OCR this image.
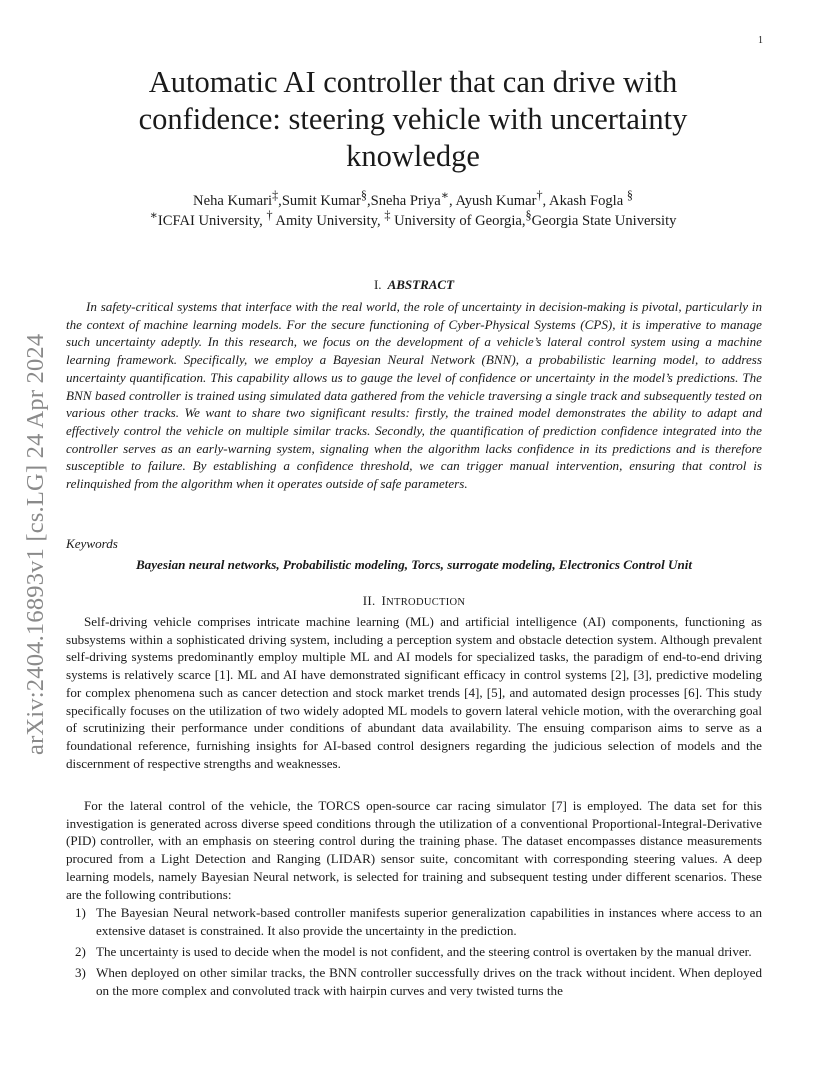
1
arXiv:2404.16893v1 [cs.LG] 24 Apr 2024
Automatic AI controller that can drive with confidence: steering vehicle with uncertainty knowledge
Neha Kumari‡,Sumit Kumar§,Sneha Priya∗, Ayush Kumar†, Akash Fogla §
∗ICFAI University, † Amity University, ‡ University of Georgia,§Georgia State University
I. ABSTRACT

In safety-critical systems that interface with the real world, the role of uncertainty in decision-making is pivotal, particularly in the context of machine learning models. For the secure functioning of Cyber-Physical Systems (CPS), it is imperative to manage such uncertainty adeptly. In this research, we focus on the development of a vehicle’s lateral control system using a machine learning framework. Specifically, we employ a Bayesian Neural Network (BNN), a probabilistic learning model, to address uncertainty quantification. This capability allows us to gauge the level of confidence or uncertainty in the model’s predictions. The BNN based controller is trained using simulated data gathered from the vehicle traversing a single track and subsequently tested on various other tracks. We want to share two significant results: firstly, the trained model demonstrates the ability to adapt and effectively control the vehicle on multiple similar tracks. Secondly, the quantification of prediction confidence integrated into the controller serves as an early-warning system, signaling when the algorithm lacks confidence in its predictions and is therefore susceptible to failure. By establishing a confidence threshold, we can trigger manual intervention, ensuring that control is relinquished from the algorithm when it operates outside of safe parameters.

Keywords
Bayesian neural networks, Probabilistic modeling, Torcs, surrogate modeling, Electronics Control Unit
II. INTRODUCTION

Self-driving vehicle comprises intricate machine learning (ML) and artificial intelligence (AI) components, functioning as subsystems within a sophisticated driving system, including a perception system and obstacle detection system. Although prevalent self-driving systems predominantly employ multiple ML and AI models for specialized tasks, the paradigm of end-to-end driving systems is relatively scarce [1]. ML and AI have demonstrated significant efficacy in control systems [2], [3], predictive modeling for complex phenomena such as cancer detection and stock market trends [4], [5], and automated design processes [6]. This study specifically focuses on the utilization of two widely adopted ML models to govern lateral vehicle motion, with the overarching goal of scrutinizing their performance under conditions of abundant data availability. The ensuing comparison aims to serve as a foundational reference, furnishing insights for AI-based control designers regarding the judicious selection of models and the discernment of respective strengths and weaknesses.

For the lateral control of the vehicle, the TORCS open-source car racing simulator [7] is employed. The data set for this investigation is generated across diverse speed conditions through the utilization of a conventional Proportional-Integral-Derivative (PID) controller, with an emphasis on steering control during the training phase. The dataset encompasses distance measurements procured from a Light Detection and Ranging (LIDAR) sensor suite, concomitant with corresponding steering values. A deep learning models, namely Bayesian Neural network, is selected for training and subsequent testing under different scenarios. These are the following contributions:

1) The Bayesian Neural network-based controller manifests superior generalization capabilities in instances where access to an extensive dataset is constrained. It also provide the uncertainty in the prediction.
2) The uncertainty is used to decide when the model is not confident, and the steering control is overtaken by the manual driver.
3) When deployed on other similar tracks, the BNN controller successfully drives on the track without incident. When deployed on the more complex and convoluted track with hairpin curves and very twisted turns the
